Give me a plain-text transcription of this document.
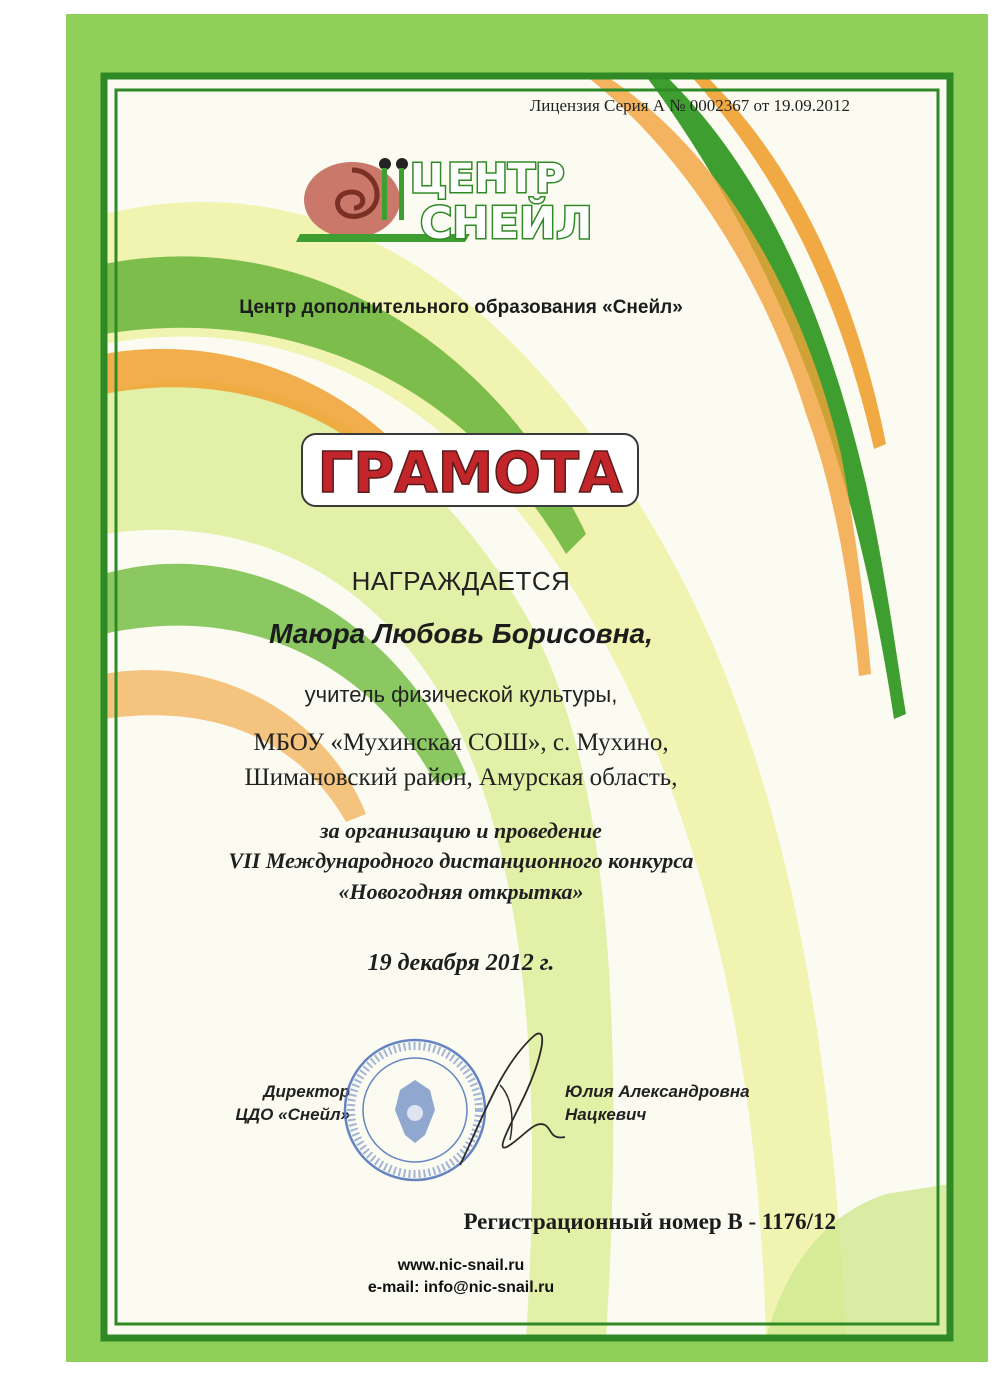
Лицензия Серия А № 0002367 от 19.09.2012
ЦЕНТР
СНЕЙЛ
Центр дополнительного образования «Снейл»
ГРАМОТА
НАГРАЖДАЕТСЯ
Маюра Любовь Борисовна,
учитель физической культуры,
МБОУ «Мухинская СОШ», с. Мухино,
Шимановский район, Амурская область,
за организацию и проведение
VII Международного дистанционного конкурса
«Новогодняя открытка»
19 декабря 2012 г.
Директор
ЦДО «Снейл»
Юлия Александровна
Нацкевич
Регистрационный номер В - 1176/12
www.nic-snail.ru
e-mail: info@nic-snail.ru
